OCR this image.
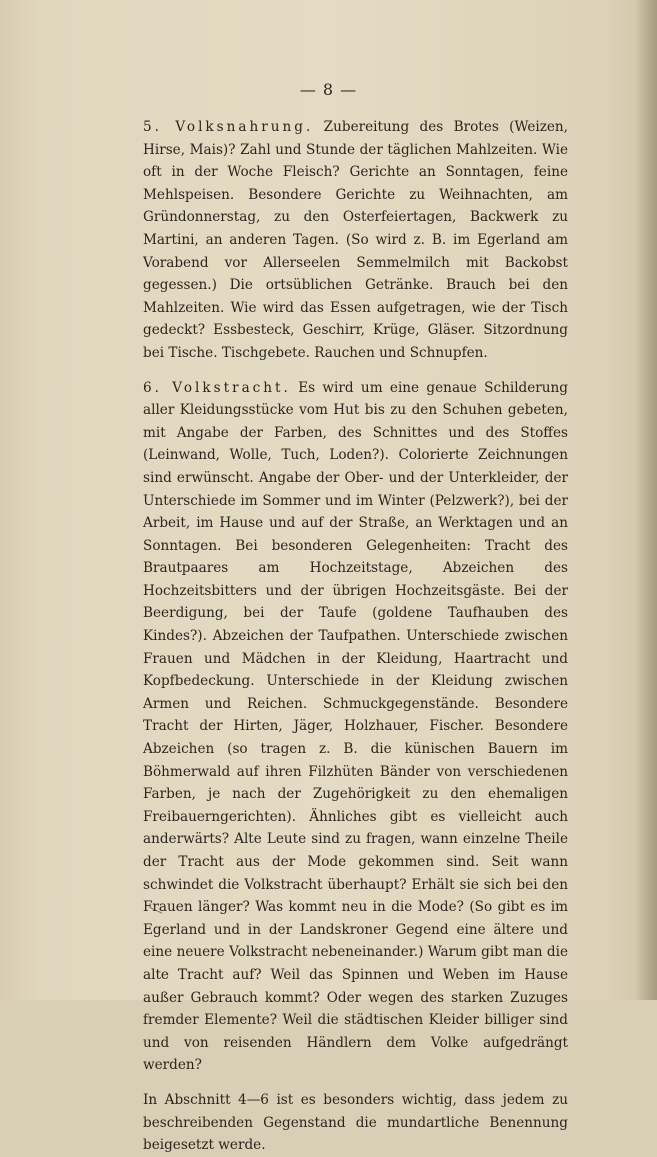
— 8 —

5. Volksnahrung. Zubereitung des Brotes (Weizen, Hirse, Mais)? Zahl und Stunde der täglichen Mahlzeiten. Wie oft in der Woche Fleisch? Gerichte an Sonntagen, feine Mehlspeisen. Besondere Gerichte zu Weihnachten, am Gründonnerstag, zu den Osterfeiertagen, Backwerk zu Martini, an anderen Tagen. (So wird z. B. im Egerland am Vorabend vor Allerseelen Semmelmilch mit Backobst gegessen.) Die ortsüblichen Getränke. Brauch bei den Mahlzeiten. Wie wird das Essen aufgetragen, wie der Tisch gedeckt? Essbesteck, Geschirr, Krüge, Gläser. Sitzordnung bei Tische. Tischgebete. Rauchen und Schnupfen.

6. Volkstracht. Es wird um eine genaue Schilderung aller Kleidungsstücke vom Hut bis zu den Schuhen gebeten, mit Angabe der Farben, des Schnittes und des Stoffes (Leinwand, Wolle, Tuch, Loden?). Colorierte Zeichnungen sind erwünscht. Angabe der Ober- und der Unterkleider, der Unterschiede im Sommer und im Winter (Pelzwerk?), bei der Arbeit, im Hause und auf der Straße, an Werktagen und an Sonntagen. Bei besonderen Gelegenheiten: Tracht des Brautpaares am Hochzeitstage, Abzeichen des Hochzeitsbitters und der übrigen Hochzeitsgäste. Bei der Beerdigung, bei der Taufe (goldene Taufhauben des Kindes?). Abzeichen der Taufpathen. Unterschiede zwischen Frauen und Mädchen in der Kleidung, Haartracht und Kopfbedeckung. Unterschiede in der Kleidung zwischen Armen und Reichen. Schmuckgegenstände. Besondere Tracht der Hirten, Jäger, Holzhauer, Fischer. Besondere Abzeichen (so tragen z. B. die künischen Bauern im Böhmerwald auf ihren Filzhüten Bänder von verschiedenen Farben, je nach der Zugehörigkeit zu den ehemaligen Freibauerngerichten). Ähnliches gibt es vielleicht auch anderwärts? Alte Leute sind zu fragen, wann einzelne Theile der Tracht aus der Mode gekommen sind. Seit wann schwindet die Volkstracht überhaupt? Erhält sie sich bei den Frauen länger? Was kommt neu in die Mode? (So gibt es im Egerland und in der Landskroner Gegend eine ältere und eine neuere Volkstracht nebeneinander.) Warum gibt man die alte Tracht auf? Weil das Spinnen und Weben im Hause außer Gebrauch kommt? Oder wegen des starken Zuzuges fremder Elemente? Weil die städtischen Kleider billiger sind und von reisenden Händlern dem Volke aufgedrängt werden?

In Abschnitt 4—6 ist es besonders wichtig, dass jedem zu beschreibenden Gegenstand die mundartliche Benennung beigesetzt werde.
